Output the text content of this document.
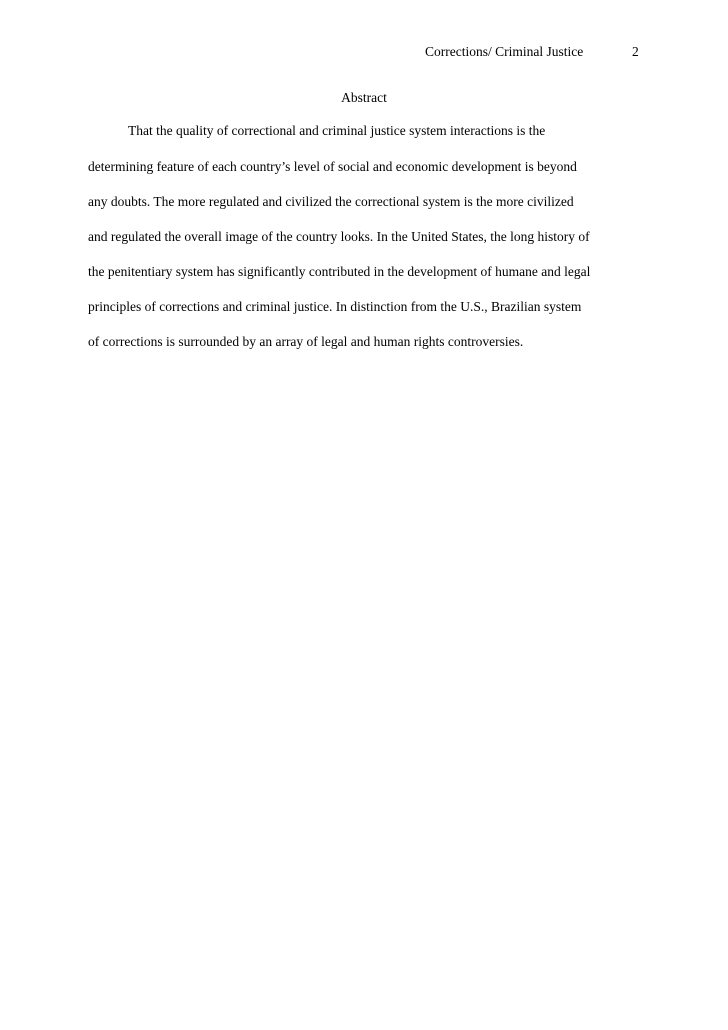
Corrections/ Criminal Justice	2
Abstract
That the quality of correctional and criminal justice system interactions is the
determining feature of each country’s level of social and economic development is beyond
any doubts. The more regulated and civilized the correctional system is the more civilized
and regulated the overall image of the country looks. In the United States, the long history of
the penitentiary system has significantly contributed in the development of humane and legal
principles of corrections and criminal justice. In distinction from the U.S., Brazilian system
of corrections is surrounded by an array of legal and human rights controversies.
